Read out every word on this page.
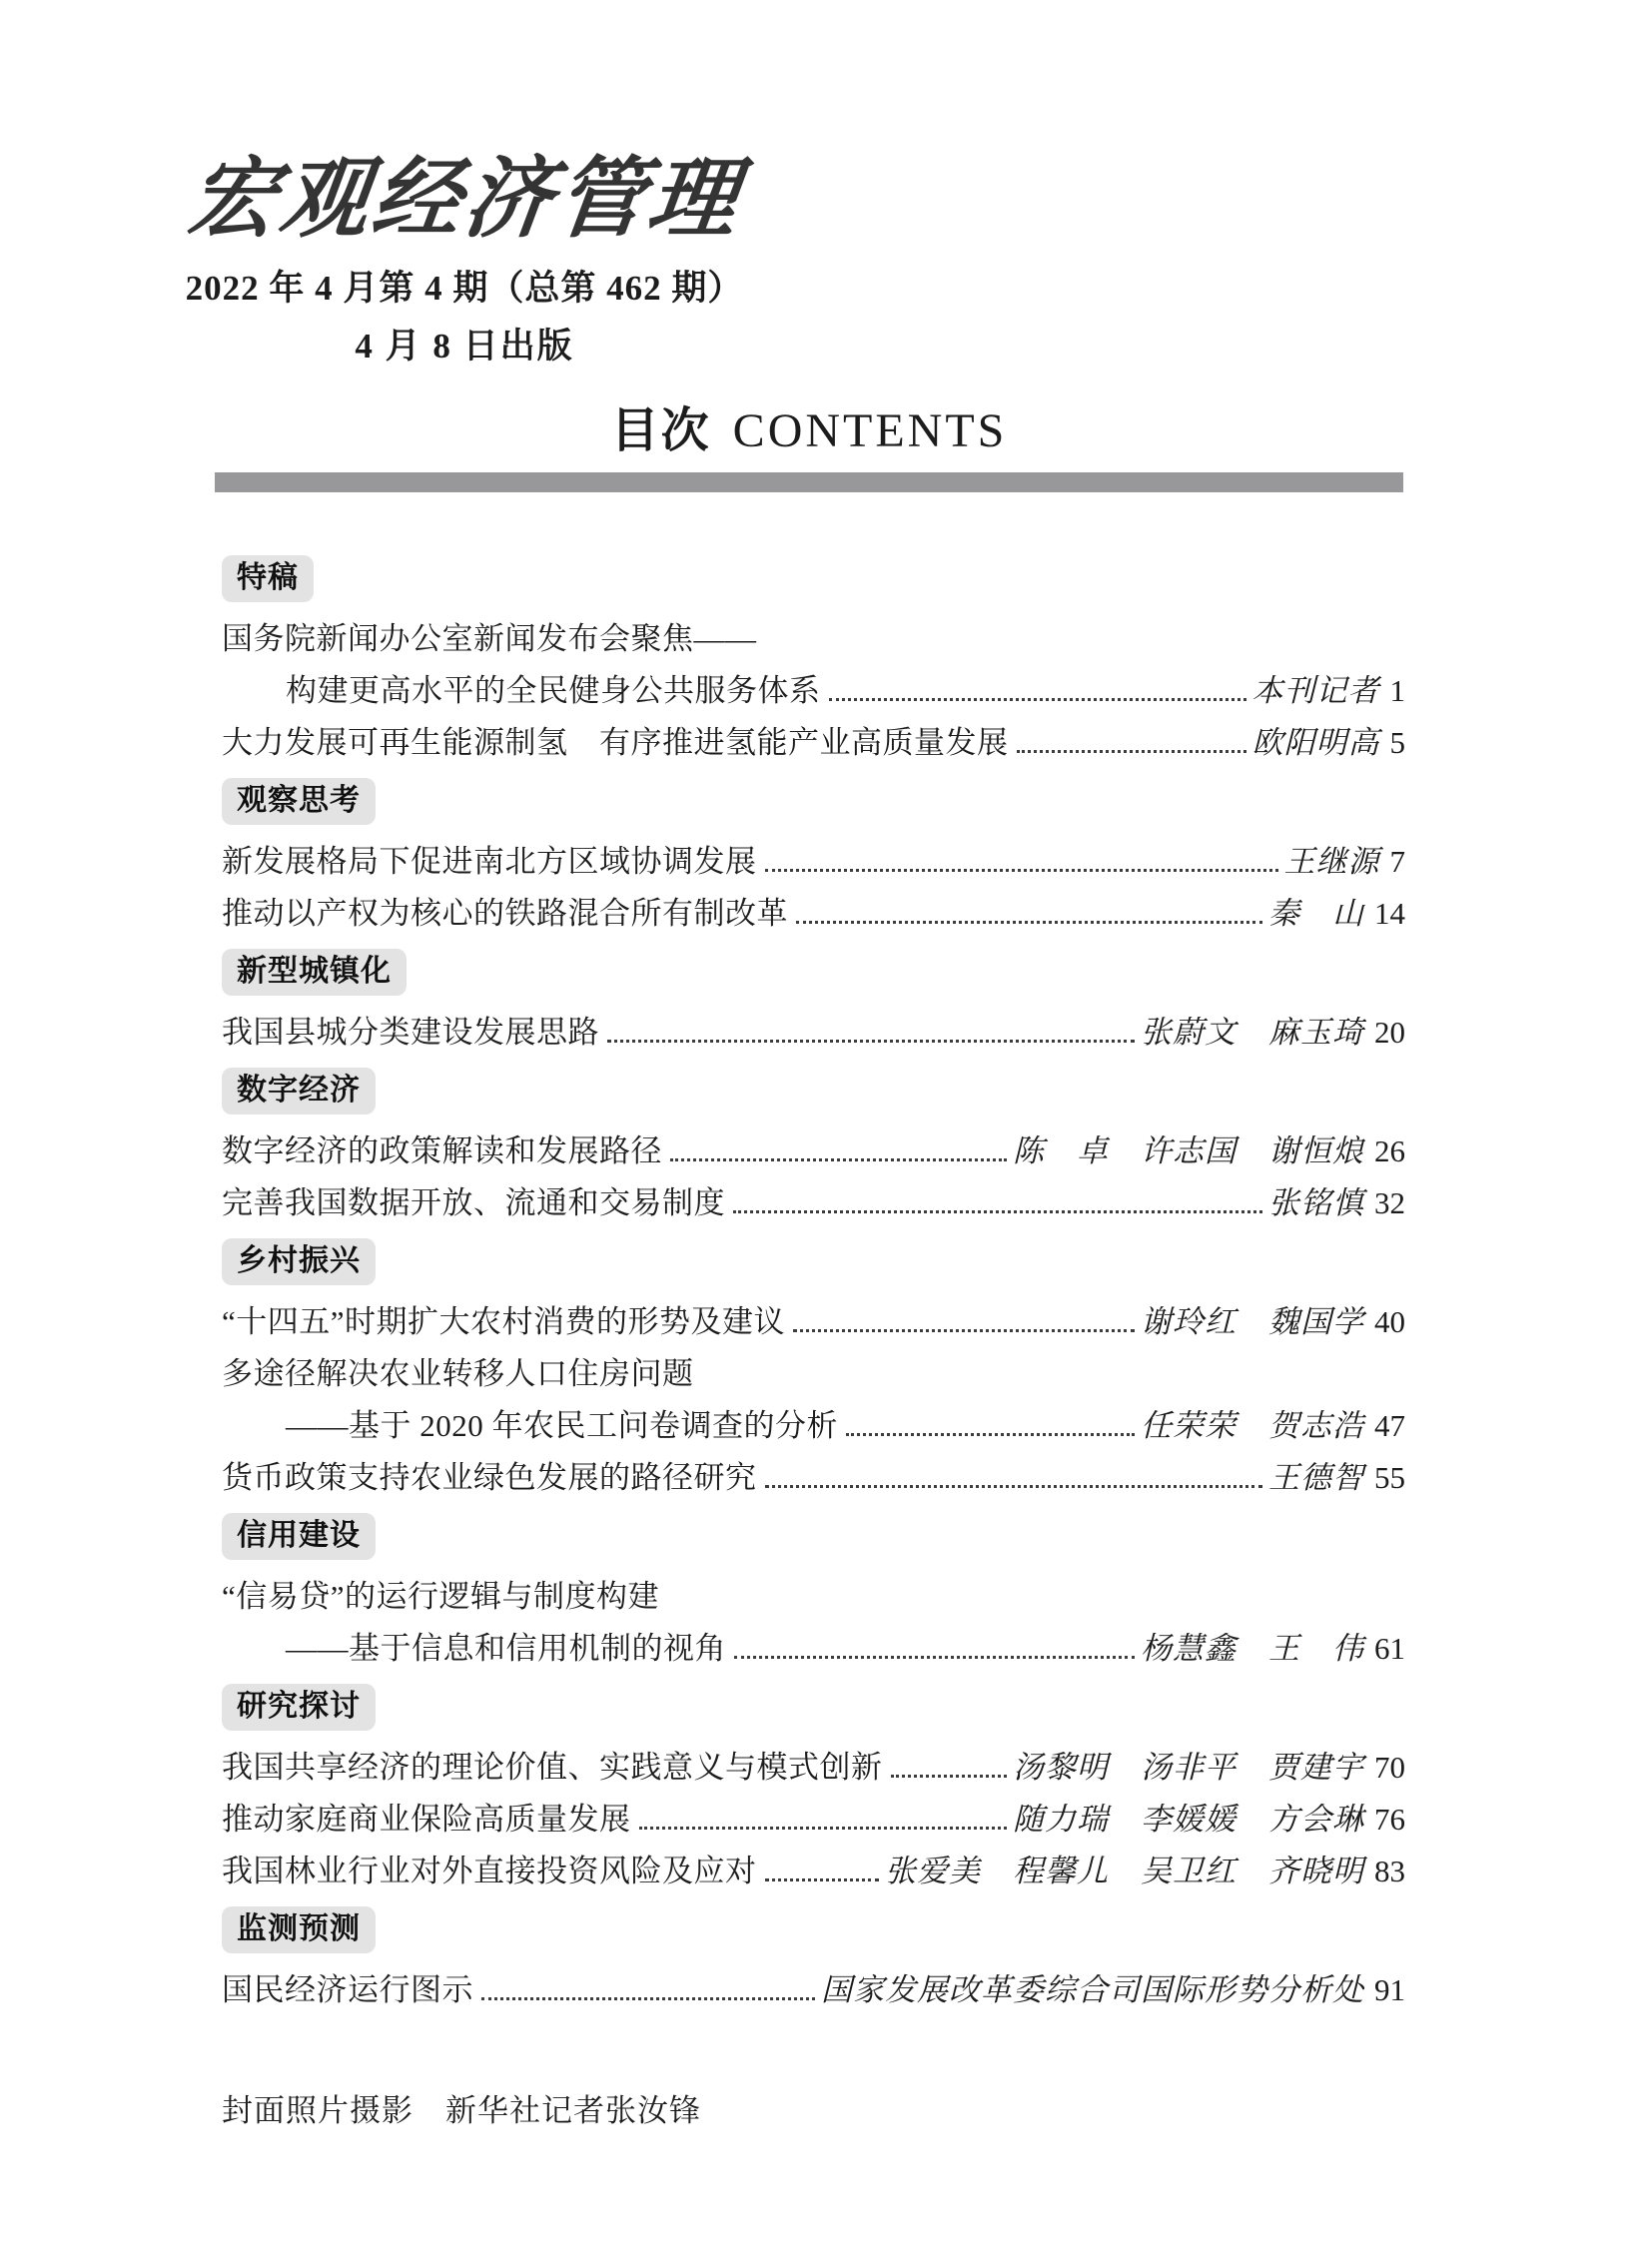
宏观经济管理
2022 年 4 月第 4 期（总第 462 期）
4 月 8 日出版
目次 CONTENTS
特稿
国务院新闻办公室新闻发布会聚焦——
构建更高水平的全民健身公共服务体系	本刊记者 1
大力发展可再生能源制氢　有序推进氢能产业高质量发展	欧阳明高 5
观察思考
新发展格局下促进南北方区域协调发展	王继源 7
推动以产权为核心的铁路混合所有制改革	秦　山 14
新型城镇化
我国县城分类建设发展思路	张蔚文　麻玉琦 20
数字经济
数字经济的政策解读和发展路径	陈　卓　许志国　谢恒烺 26
完善我国数据开放、流通和交易制度	张铭慎 32
乡村振兴
“十四五”时期扩大农村消费的形势及建议	谢玲红　魏国学 40
多途径解决农业转移人口住房问题
——基于 2020 年农民工问卷调查的分析	任荣荣　贺志浩 47
货币政策支持农业绿色发展的路径研究	王德智 55
信用建设
“信易贷”的运行逻辑与制度构建
——基于信息和信用机制的视角	杨慧鑫　王　伟 61
研究探讨
我国共享经济的理论价值、实践意义与模式创新	汤黎明　汤非平　贾建宇 70
推动家庭商业保险高质量发展	随力瑞　李媛媛　方会琳 76
我国林业行业对外直接投资风险及应对	张爱美　程馨儿　吴卫红　齐晓明 83
监测预测
国民经济运行图示	国家发展改革委综合司国际形势分析处 91
封面照片摄影　新华社记者张汝锋
